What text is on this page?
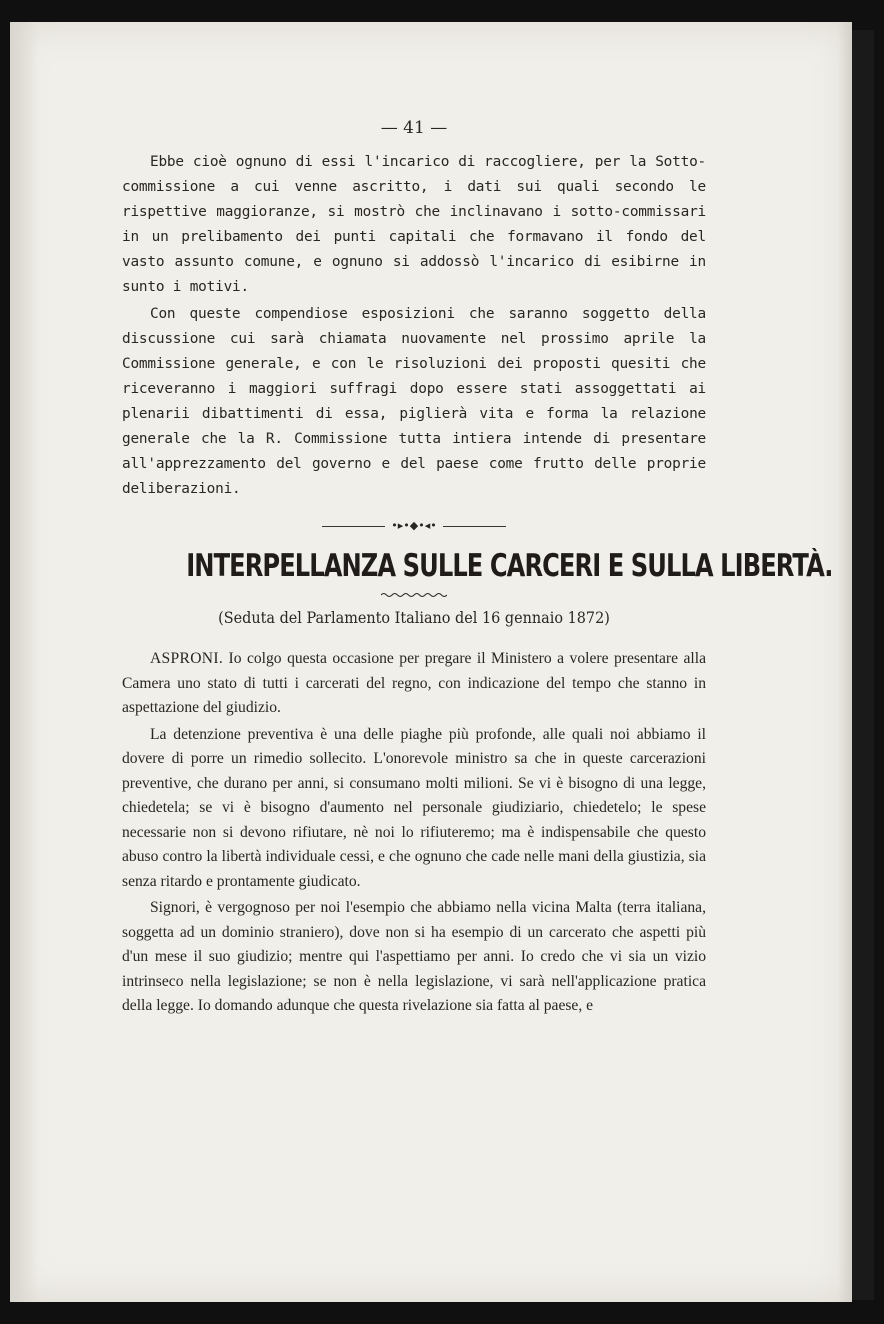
— 41 —

Ebbe cioè ognuno di essi l'incarico di raccogliere, per la Sotto-commissione a cui venne ascritto, i dati sui quali secondo le rispettive maggioranze, si mostrò che inclinavano i sotto-commissari in un prelibamento dei punti capitali che formavano il fondo del vasto assunto comune, e ognuno si addossò l'incarico di esibirne in sunto i motivi.

Con queste compendiose esposizioni che saranno soggetto della discussione cui sarà chiamata nuovamente nel prossimo aprile la Commissione generale, e con le risoluzioni dei proposti quesiti che riceveranno i maggiori suffragi dopo essere stati assoggettati ai plenarii dibattimenti di essa, piglierà vita e forma la relazione generale che la R. Commissione tutta intiera intende di presentare all'apprezzamento del governo e del paese come frutto delle proprie deliberazioni.

•▸•◆•◂•
INTERPELLANZA SULLE CARCERI E SULLA LIBERTÀ.
(Seduta del Parlamento Italiano del 16 gennaio 1872)

ASPRONI. Io colgo questa occasione per pregare il Ministero a volere presentare alla Camera uno stato di tutti i carcerati del regno, con indicazione del tempo che stanno in aspettazione del giudizio.

La detenzione preventiva è una delle piaghe più profonde, alle quali noi abbiamo il dovere di porre un rimedio sollecito. L'onorevole ministro sa che in queste carcerazioni preventive, che durano per anni, si consumano molti milioni. Se vi è bisogno di una legge, chiedetela; se vi è bisogno d'aumento nel personale giudiziario, chiedetelo; le spese necessarie non si devono rifiutare, nè noi lo rifiuteremo; ma è indispensabile che questo abuso contro la libertà individuale cessi, e che ognuno che cade nelle mani della giustizia, sia senza ritardo e prontamente giudicato.

Signori, è vergognoso per noi l'esempio che abbiamo nella vicina Malta (terra italiana, soggetta ad un dominio straniero), dove non si ha esempio di un carcerato che aspetti più d'un mese il suo giudizio; mentre qui l'aspettiamo per anni. Io credo che vi sia un vizio intrinseco nella legislazione; se non è nella legislazione, vi sarà nell'applicazione pratica della legge. Io domando adunque che questa rivelazione sia fatta al paese, e
